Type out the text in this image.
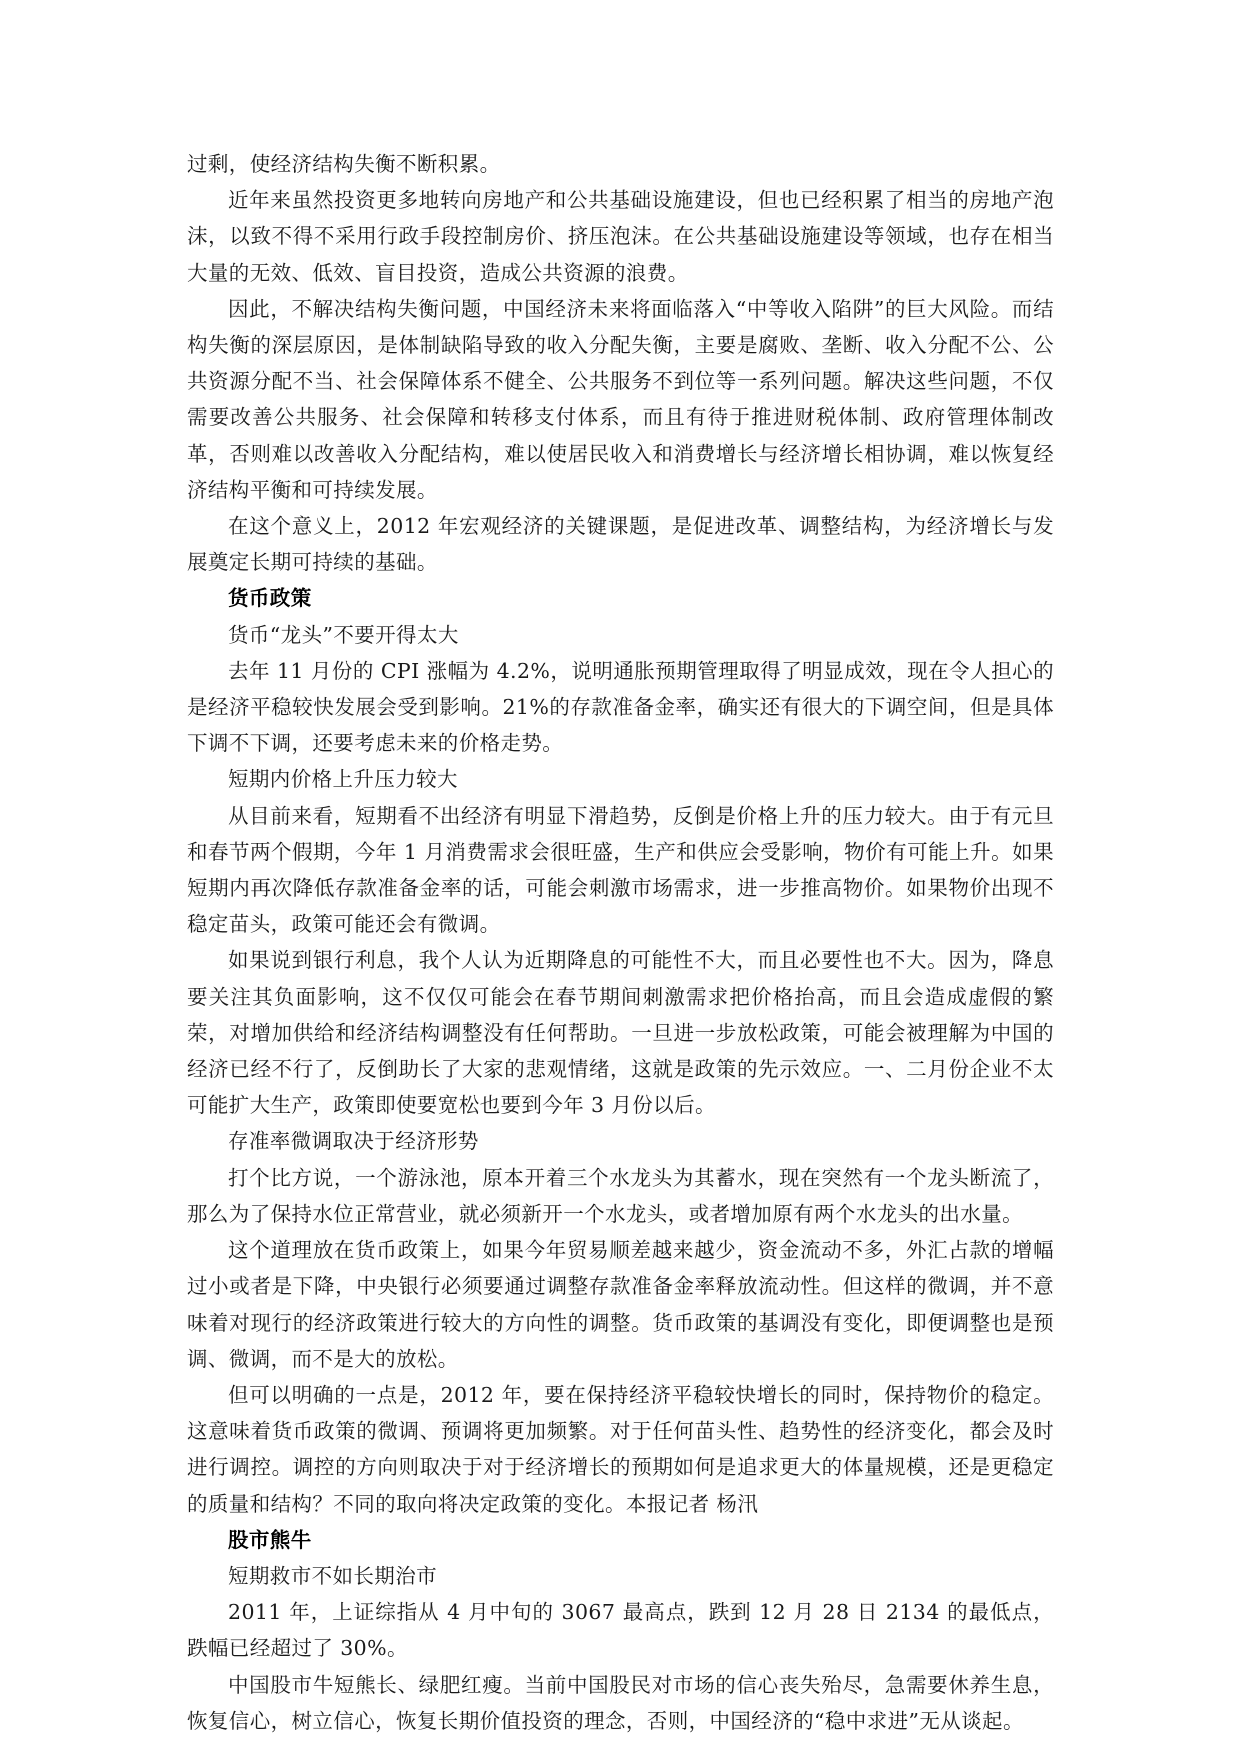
过剩，使经济结构失衡不断积累。

近年来虽然投资更多地转向房地产和公共基础设施建设，但也已经积累了相当的房地产泡沫，以致不得不采用行政手段控制房价、挤压泡沫。在公共基础设施建设等领域，也存在相当大量的无效、低效、盲目投资，造成公共资源的浪费。

因此，不解决结构失衡问题，中国经济未来将面临落入“中等收入陷阱”的巨大风险。而结构失衡的深层原因，是体制缺陷导致的收入分配失衡，主要是腐败、垄断、收入分配不公、公共资源分配不当、社会保障体系不健全、公共服务不到位等一系列问题。解决这些问题，不仅需要改善公共服务、社会保障和转移支付体系，而且有待于推进财税体制、政府管理体制改革，否则难以改善收入分配结构，难以使居民收入和消费增长与经济增长相协调，难以恢复经济结构平衡和可持续发展。

在这个意义上，2012 年宏观经济的关键课题，是促进改革、调整结构，为经济增长与发展奠定长期可持续的基础。

货币政策

货币“龙头”不要开得太大

去年 11 月份的 CPI 涨幅为 4.2%，说明通胀预期管理取得了明显成效，现在令人担心的是经济平稳较快发展会受到影响。21%的存款准备金率，确实还有很大的下调空间，但是具体下调不下调，还要考虑未来的价格走势。

短期内价格上升压力较大

从目前来看，短期看不出经济有明显下滑趋势，反倒是价格上升的压力较大。由于有元旦和春节两个假期，今年 1 月消费需求会很旺盛，生产和供应会受影响，物价有可能上升。如果短期内再次降低存款准备金率的话，可能会刺激市场需求，进一步推高物价。如果物价出现不稳定苗头，政策可能还会有微调。

如果说到银行利息，我个人认为近期降息的可能性不大，而且必要性也不大。因为，降息要关注其负面影响，这不仅仅可能会在春节期间刺激需求把价格抬高，而且会造成虚假的繁荣，对增加供给和经济结构调整没有任何帮助。一旦进一步放松政策，可能会被理解为中国的经济已经不行了，反倒助长了大家的悲观情绪，这就是政策的先示效应。一、二月份企业不太可能扩大生产，政策即使要宽松也要到今年 3 月份以后。

存准率微调取决于经济形势

打个比方说，一个游泳池，原本开着三个水龙头为其蓄水，现在突然有一个龙头断流了，那么为了保持水位正常营业，就必须新开一个水龙头，或者增加原有两个水龙头的出水量。

这个道理放在货币政策上，如果今年贸易顺差越来越少，资金流动不多，外汇占款的增幅过小或者是下降，中央银行必须要通过调整存款准备金率释放流动性。但这样的微调，并不意味着对现行的经济政策进行较大的方向性的调整。货币政策的基调没有变化，即便调整也是预调、微调，而不是大的放松。

但可以明确的一点是，2012 年，要在保持经济平稳较快增长的同时，保持物价的稳定。这意味着货币政策的微调、预调将更加频繁。对于任何苗头性、趋势性的经济变化，都会及时进行调控。调控的方向则取决于对于经济增长的预期如何是追求更大的体量规模，还是更稳定的质量和结构？不同的取向将决定政策的变化。本报记者 杨汛

股市熊牛

短期救市不如长期治市

2011 年，上证综指从 4 月中旬的 3067 最高点，跌到 12 月 28 日 2134 的最低点，跌幅已经超过了 30%。

中国股市牛短熊长、绿肥红瘦。当前中国股民对市场的信心丧失殆尽，急需要休养生息，恢复信心，树立信心，恢复长期价值投资的理念，否则，中国经济的“稳中求进”无从谈起。
